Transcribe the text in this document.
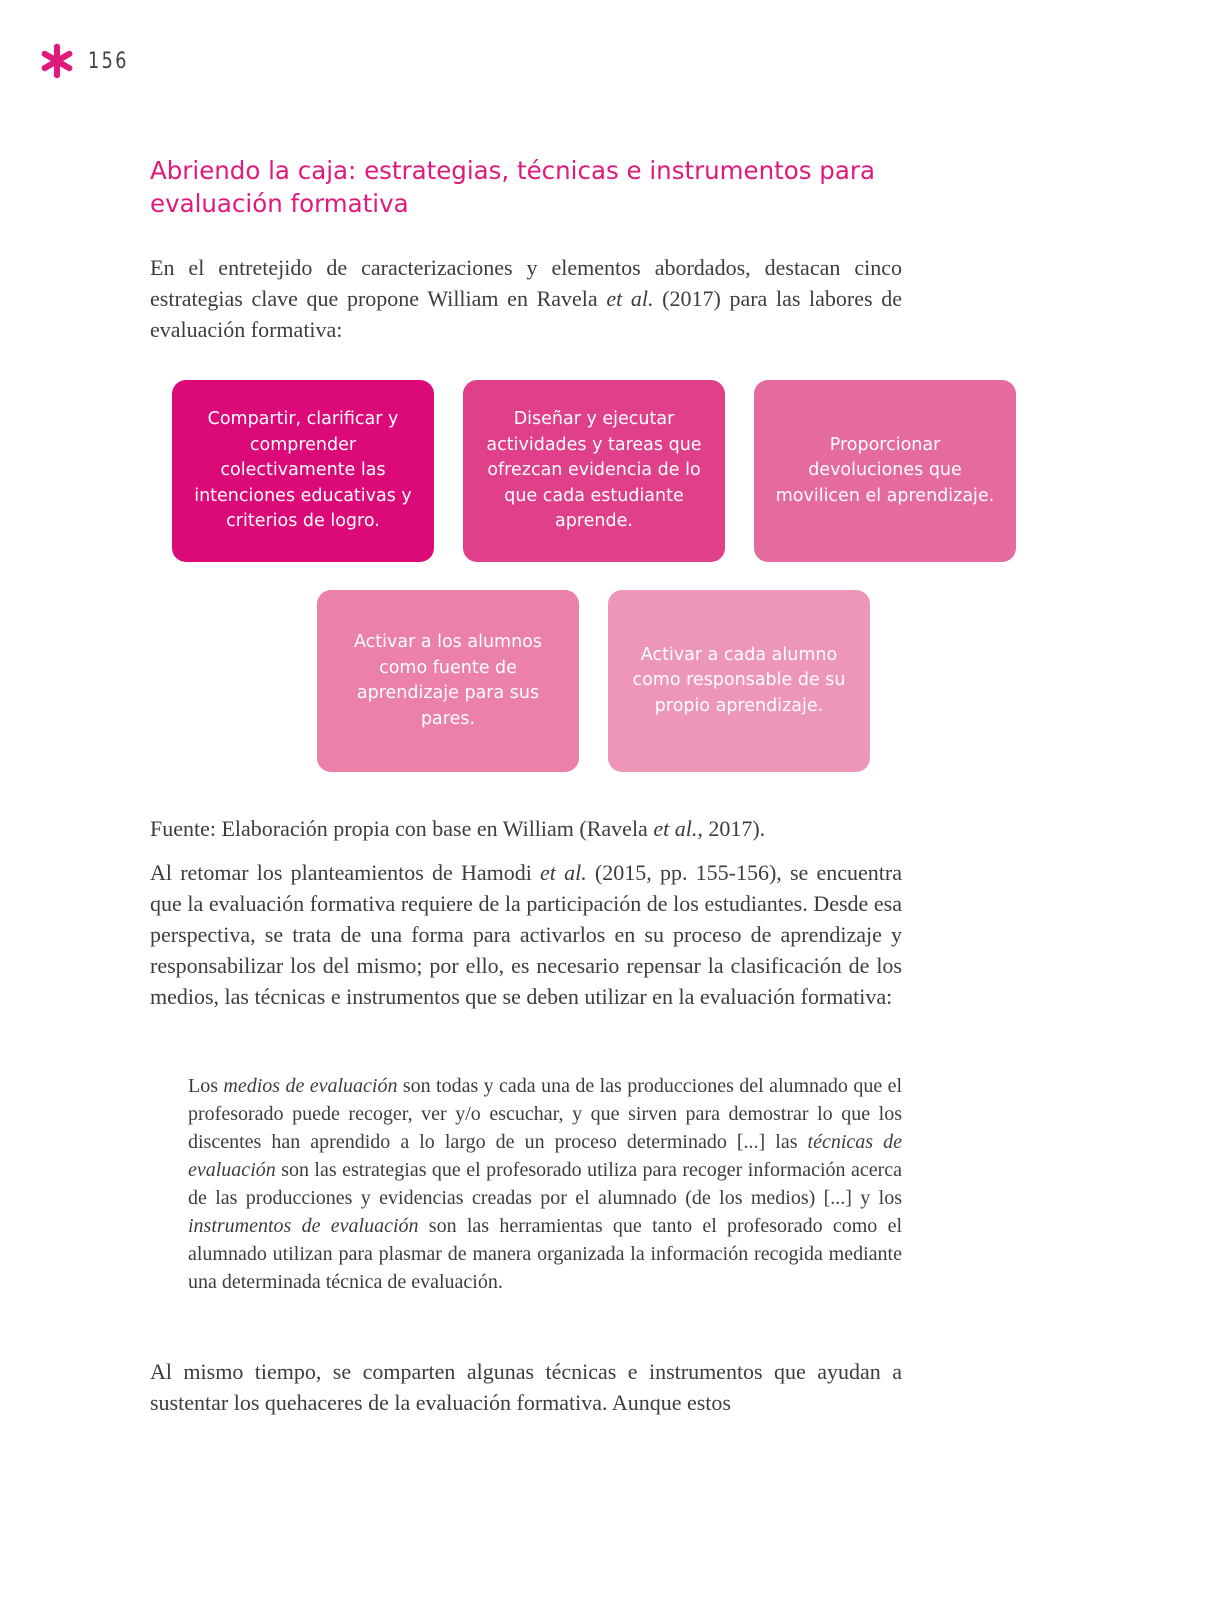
156
Abriendo la caja: estrategias, técnicas e instrumentos para evaluación formativa

En el entretejido de caracterizaciones y elementos abordados, destacan cinco estrategias clave que propone William en Ravela et al. (2017) para las labores de evaluación formativa:

Compartir, clarificar y comprender colectivamente las intenciones educativas y criterios de logro.
Diseñar y ejecutar actividades y tareas que ofrezcan evidencia de lo que cada estudiante aprende.
Proporcionar devoluciones que movilicen el aprendizaje.
Activar a los alumnos como fuente de aprendizaje para sus pares.
Activar a cada alumno como responsable de su propio aprendizaje.

Fuente: Elaboración propia con base en William (Ravela et al., 2017).

Al retomar los planteamientos de Hamodi et al. (2015, pp. 155-156), se encuentra que la evaluación formativa requiere de la participación de los estudiantes. Desde esa perspectiva, se trata de una forma para activarlos en su proceso de aprendizaje y responsabilizar los del mismo; por ello, es necesario repensar la clasificación de los medios, las técnicas e instrumentos que se deben utilizar en la evaluación formativa:

Los medios de evaluación son todas y cada una de las producciones del alumnado que el profesorado puede recoger, ver y/o escuchar, y que sirven para demostrar lo que los discentes han aprendido a lo largo de un proceso determinado [...] las técnicas de evaluación son las estrategias que el profesorado utiliza para recoger información acerca de las producciones y evidencias creadas por el alumnado (de los medios) [...] y los instrumentos de evaluación son las herramientas que tanto el profesorado como el alumnado utilizan para plasmar de manera organizada la información recogida mediante una determinada técnica de evaluación.

Al mismo tiempo, se comparten algunas técnicas e instrumentos que ayudan a sustentar los quehaceres de la evaluación formativa. Aunque estos
